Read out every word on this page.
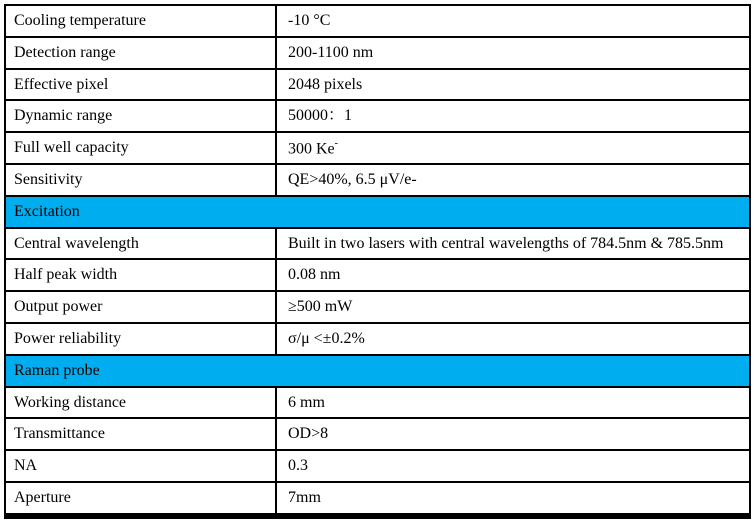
Cooling temperature	-10 °C
Detection range	200-1100 nm
Effective pixel	2048 pixels
Dynamic range	50000：1
Full well capacity	300 Ke-
Sensitivity	QE>40%, 6.5 μV/e-
Excitation	
Central wavelength	Built in two lasers with central wavelengths of 784.5nm & 785.5nm
Half peak width	0.08 nm
Output power	≥500 mW
Power reliability	σ/μ <±0.2%
Raman probe	
Working distance	6 mm
Transmittance	OD>8
NA	0.3
Aperture	7mm
